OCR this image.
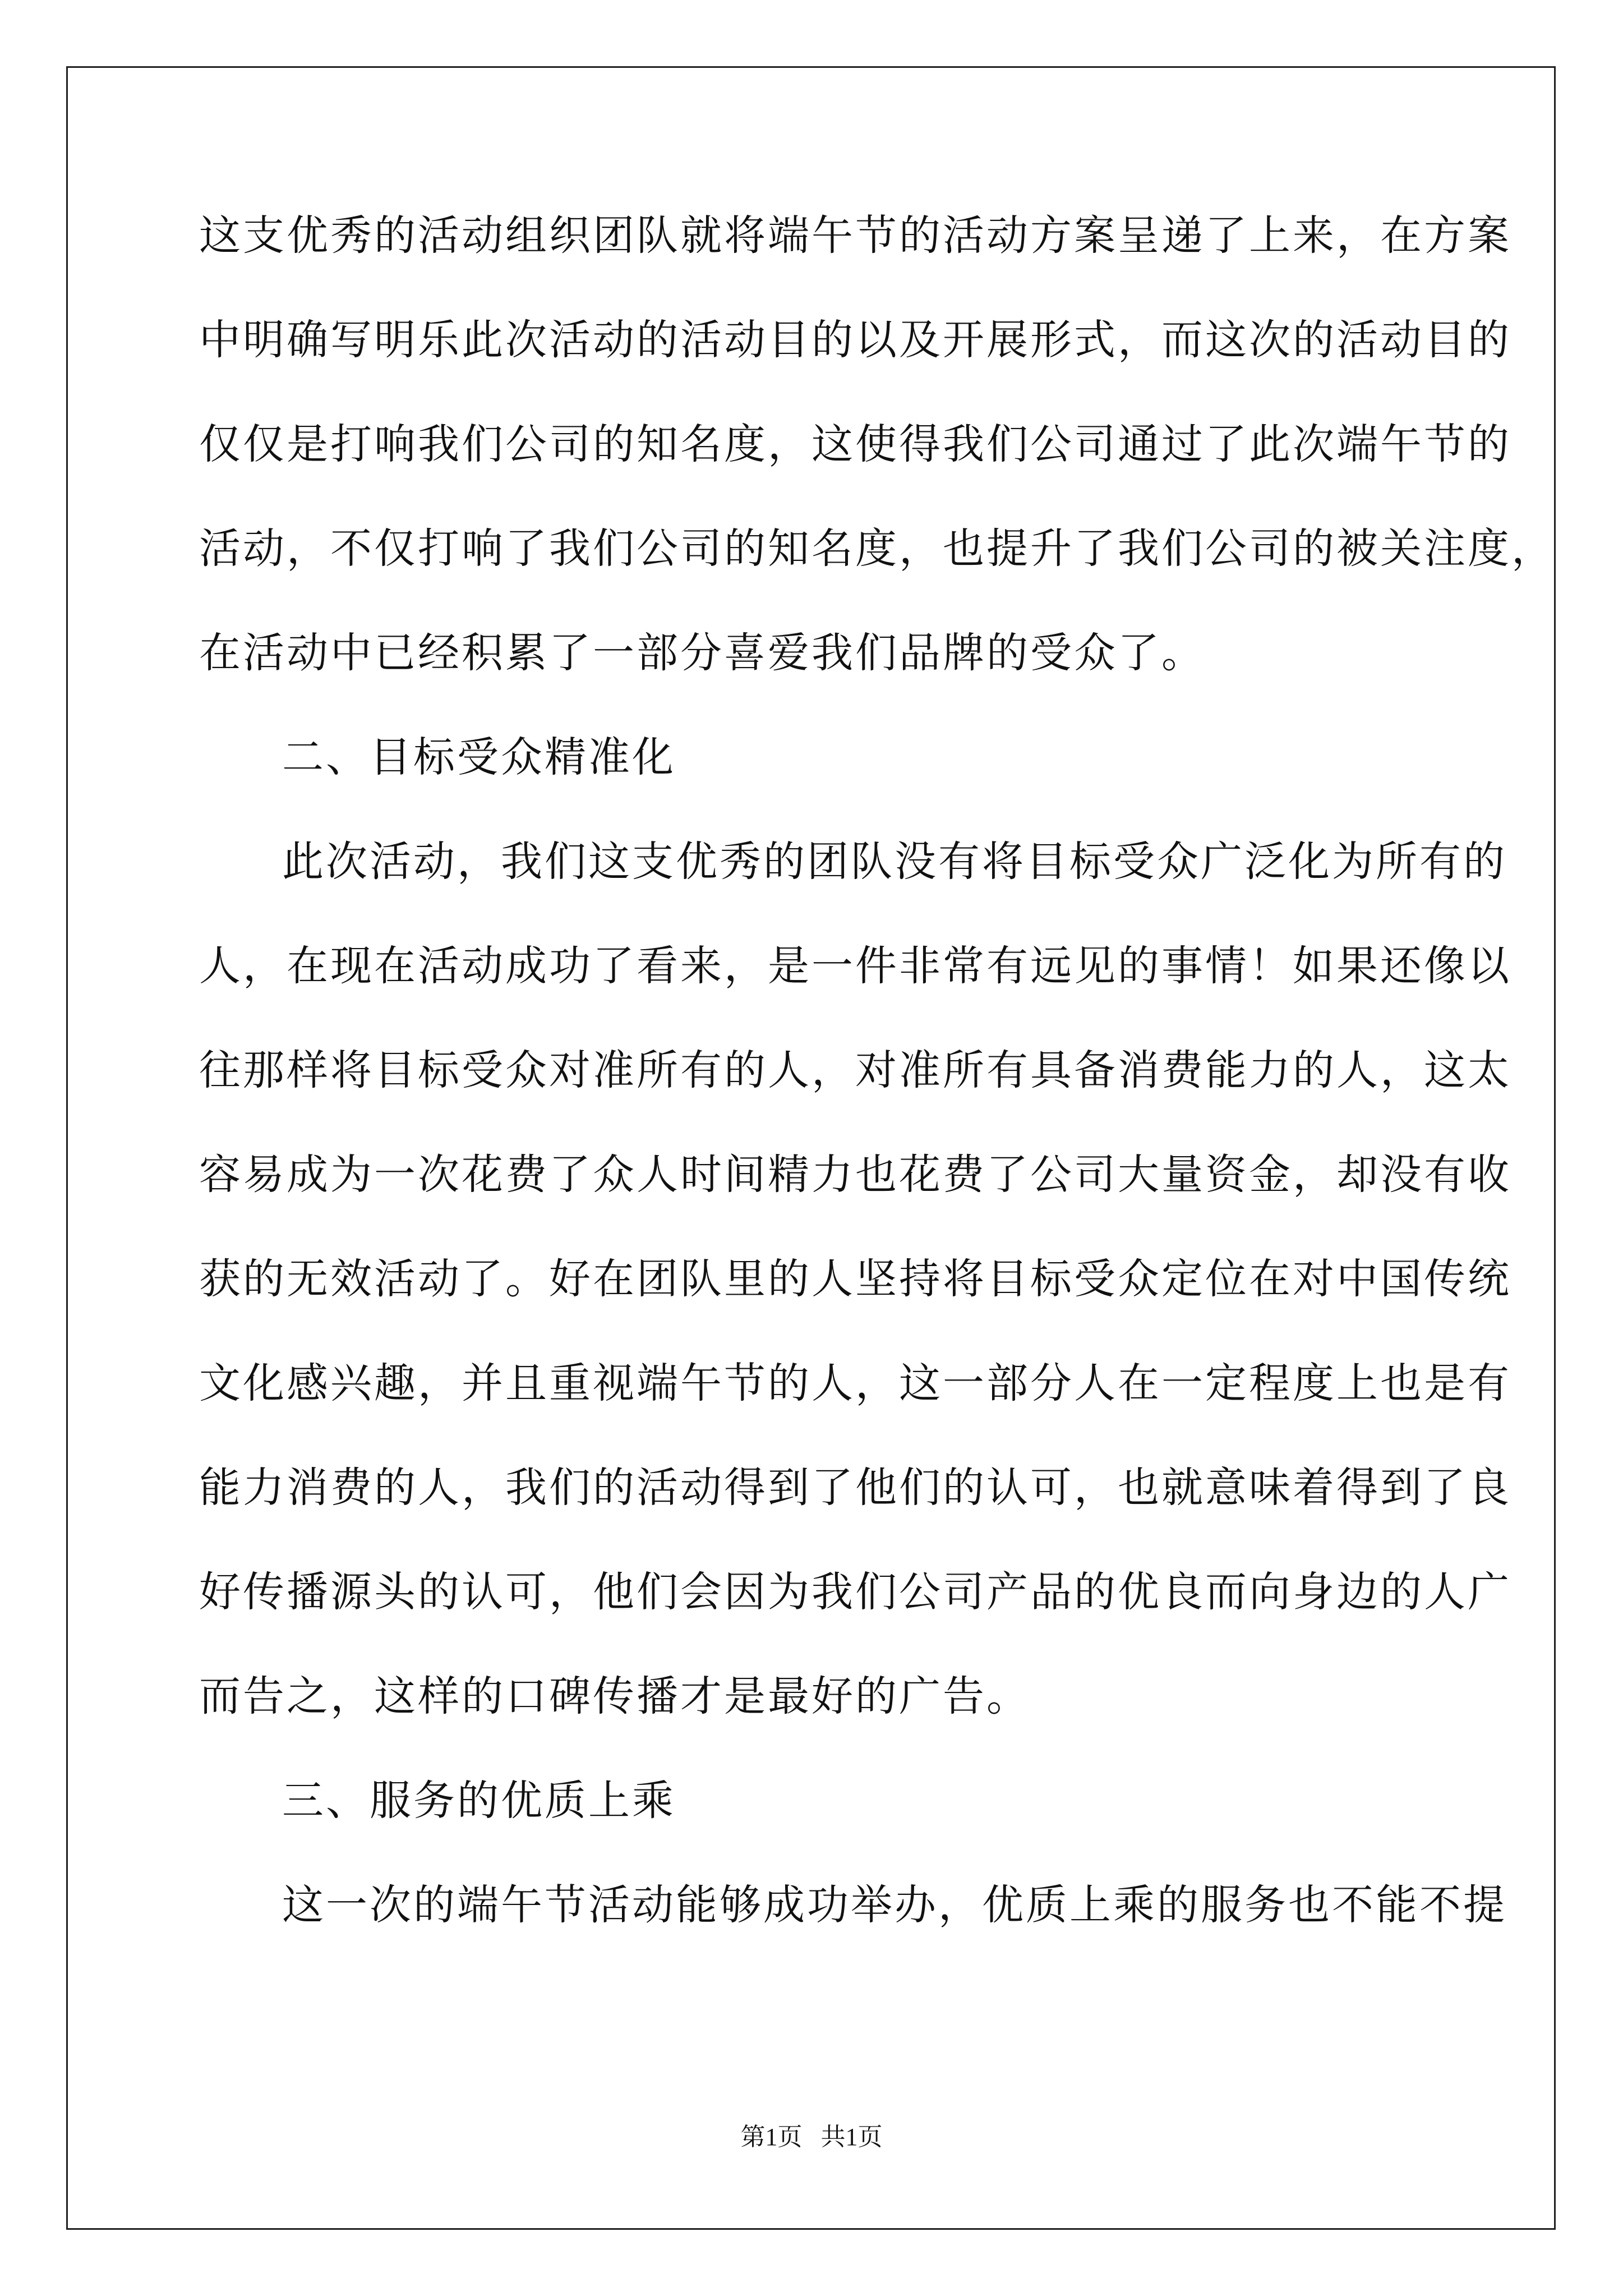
这支优秀的活动组织团队就将端午节的活动方案呈递了上来，在方案
中明确写明乐此次活动的活动目的以及开展形式，而这次的活动目的
仅仅是打响我们公司的知名度，这使得我们公司通过了此次端午节的
活动，不仅打响了我们公司的知名度，也提升了我们公司的被关注度，
在活动中已经积累了一部分喜爱我们品牌的受众了。
二、目标受众精准化
此次活动，我们这支优秀的团队没有将目标受众广泛化为所有的
人，在现在活动成功了看来，是一件非常有远见的事情！如果还像以
往那样将目标受众对准所有的人，对准所有具备消费能力的人，这太
容易成为一次花费了众人时间精力也花费了公司大量资金，却没有收
获的无效活动了。好在团队里的人坚持将目标受众定位在对中国传统
文化感兴趣，并且重视端午节的人，这一部分人在一定程度上也是有
能力消费的人，我们的活动得到了他们的认可，也就意味着得到了良
好传播源头的认可，他们会因为我们公司产品的优良而向身边的人广
而告之，这样的口碑传播才是最好的广告。
三、服务的优质上乘
这一次的端午节活动能够成功举办，优质上乘的服务也不能不提
第1页   共1页
